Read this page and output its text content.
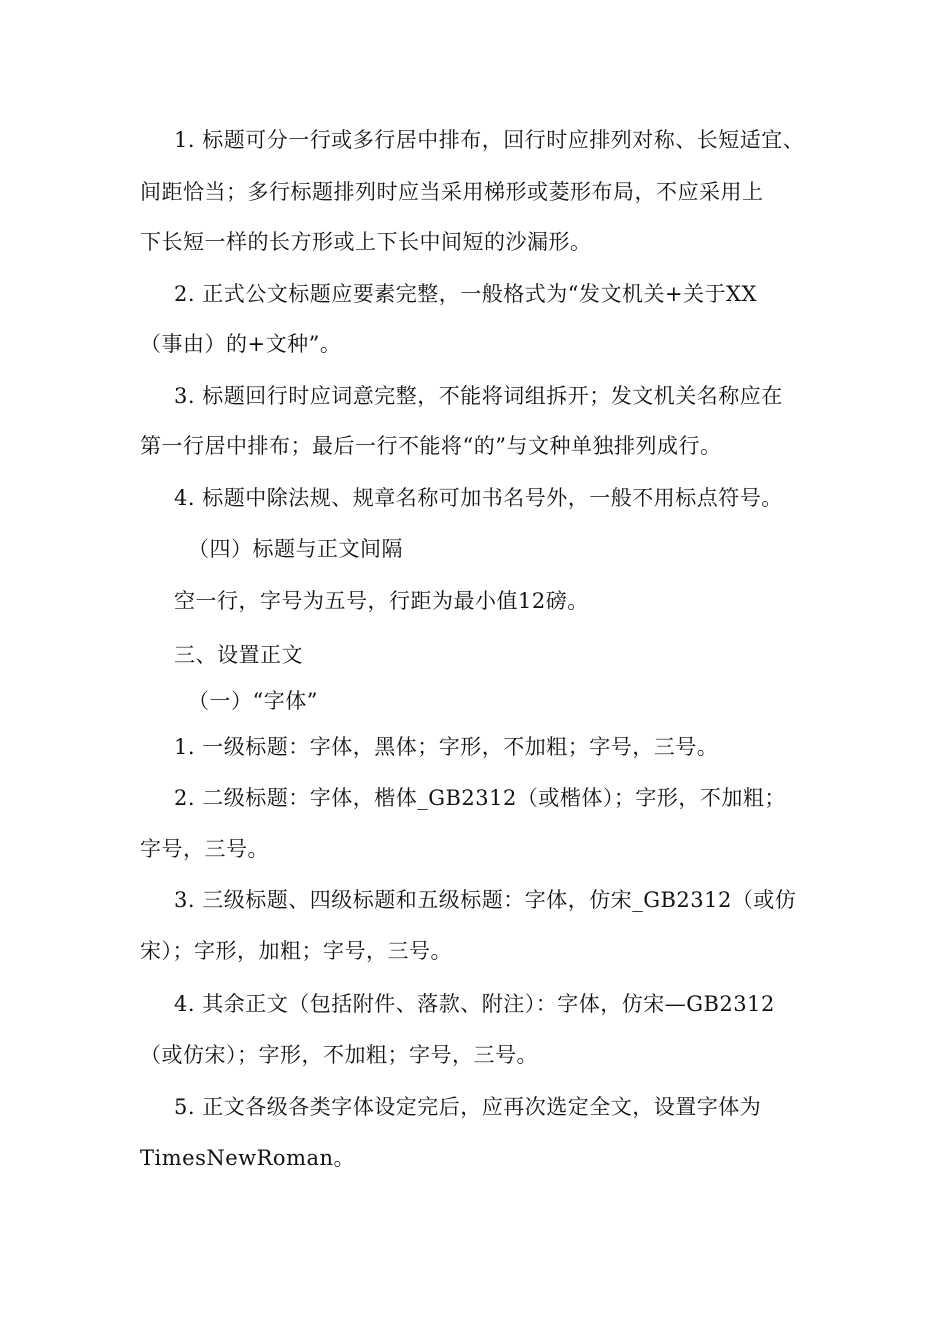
1. 标题可分一行或多行居中排布，回行时应排列对称、长短适宜、
间距恰当；多行标题排列时应当采用梯形或菱形布局，不应采用上
下长短一样的长方形或上下长中间短的沙漏形。
2. 正式公文标题应要素完整，一般格式为“发文机关+关于XX
（事由）的+文种”。
3. 标题回行时应词意完整，不能将词组拆开；发文机关名称应在
第一行居中排布；最后一行不能将“的”与文种单独排列成行。
4. 标题中除法规、规章名称可加书名号外，一般不用标点符号。
（四）标题与正文间隔
空一行，字号为五号，行距为最小值12磅。
三、设置正文
（一）“字体”
1. 一级标题：字体，黑体；字形，不加粗；字号，三号。
2. 二级标题：字体，楷体_GB2312（或楷体）；字形，不加粗；
字号，三号。
3. 三级标题、四级标题和五级标题：字体，仿宋_GB2312（或仿
宋）；字形，加粗；字号，三号。
4. 其余正文（包括附件、落款、附注）：字体，仿宋—GB2312
（或仿宋）；字形，不加粗；字号，三号。
5. 正文各级各类字体设定完后，应再次选定全文，设置字体为
TimesNewRoman。
